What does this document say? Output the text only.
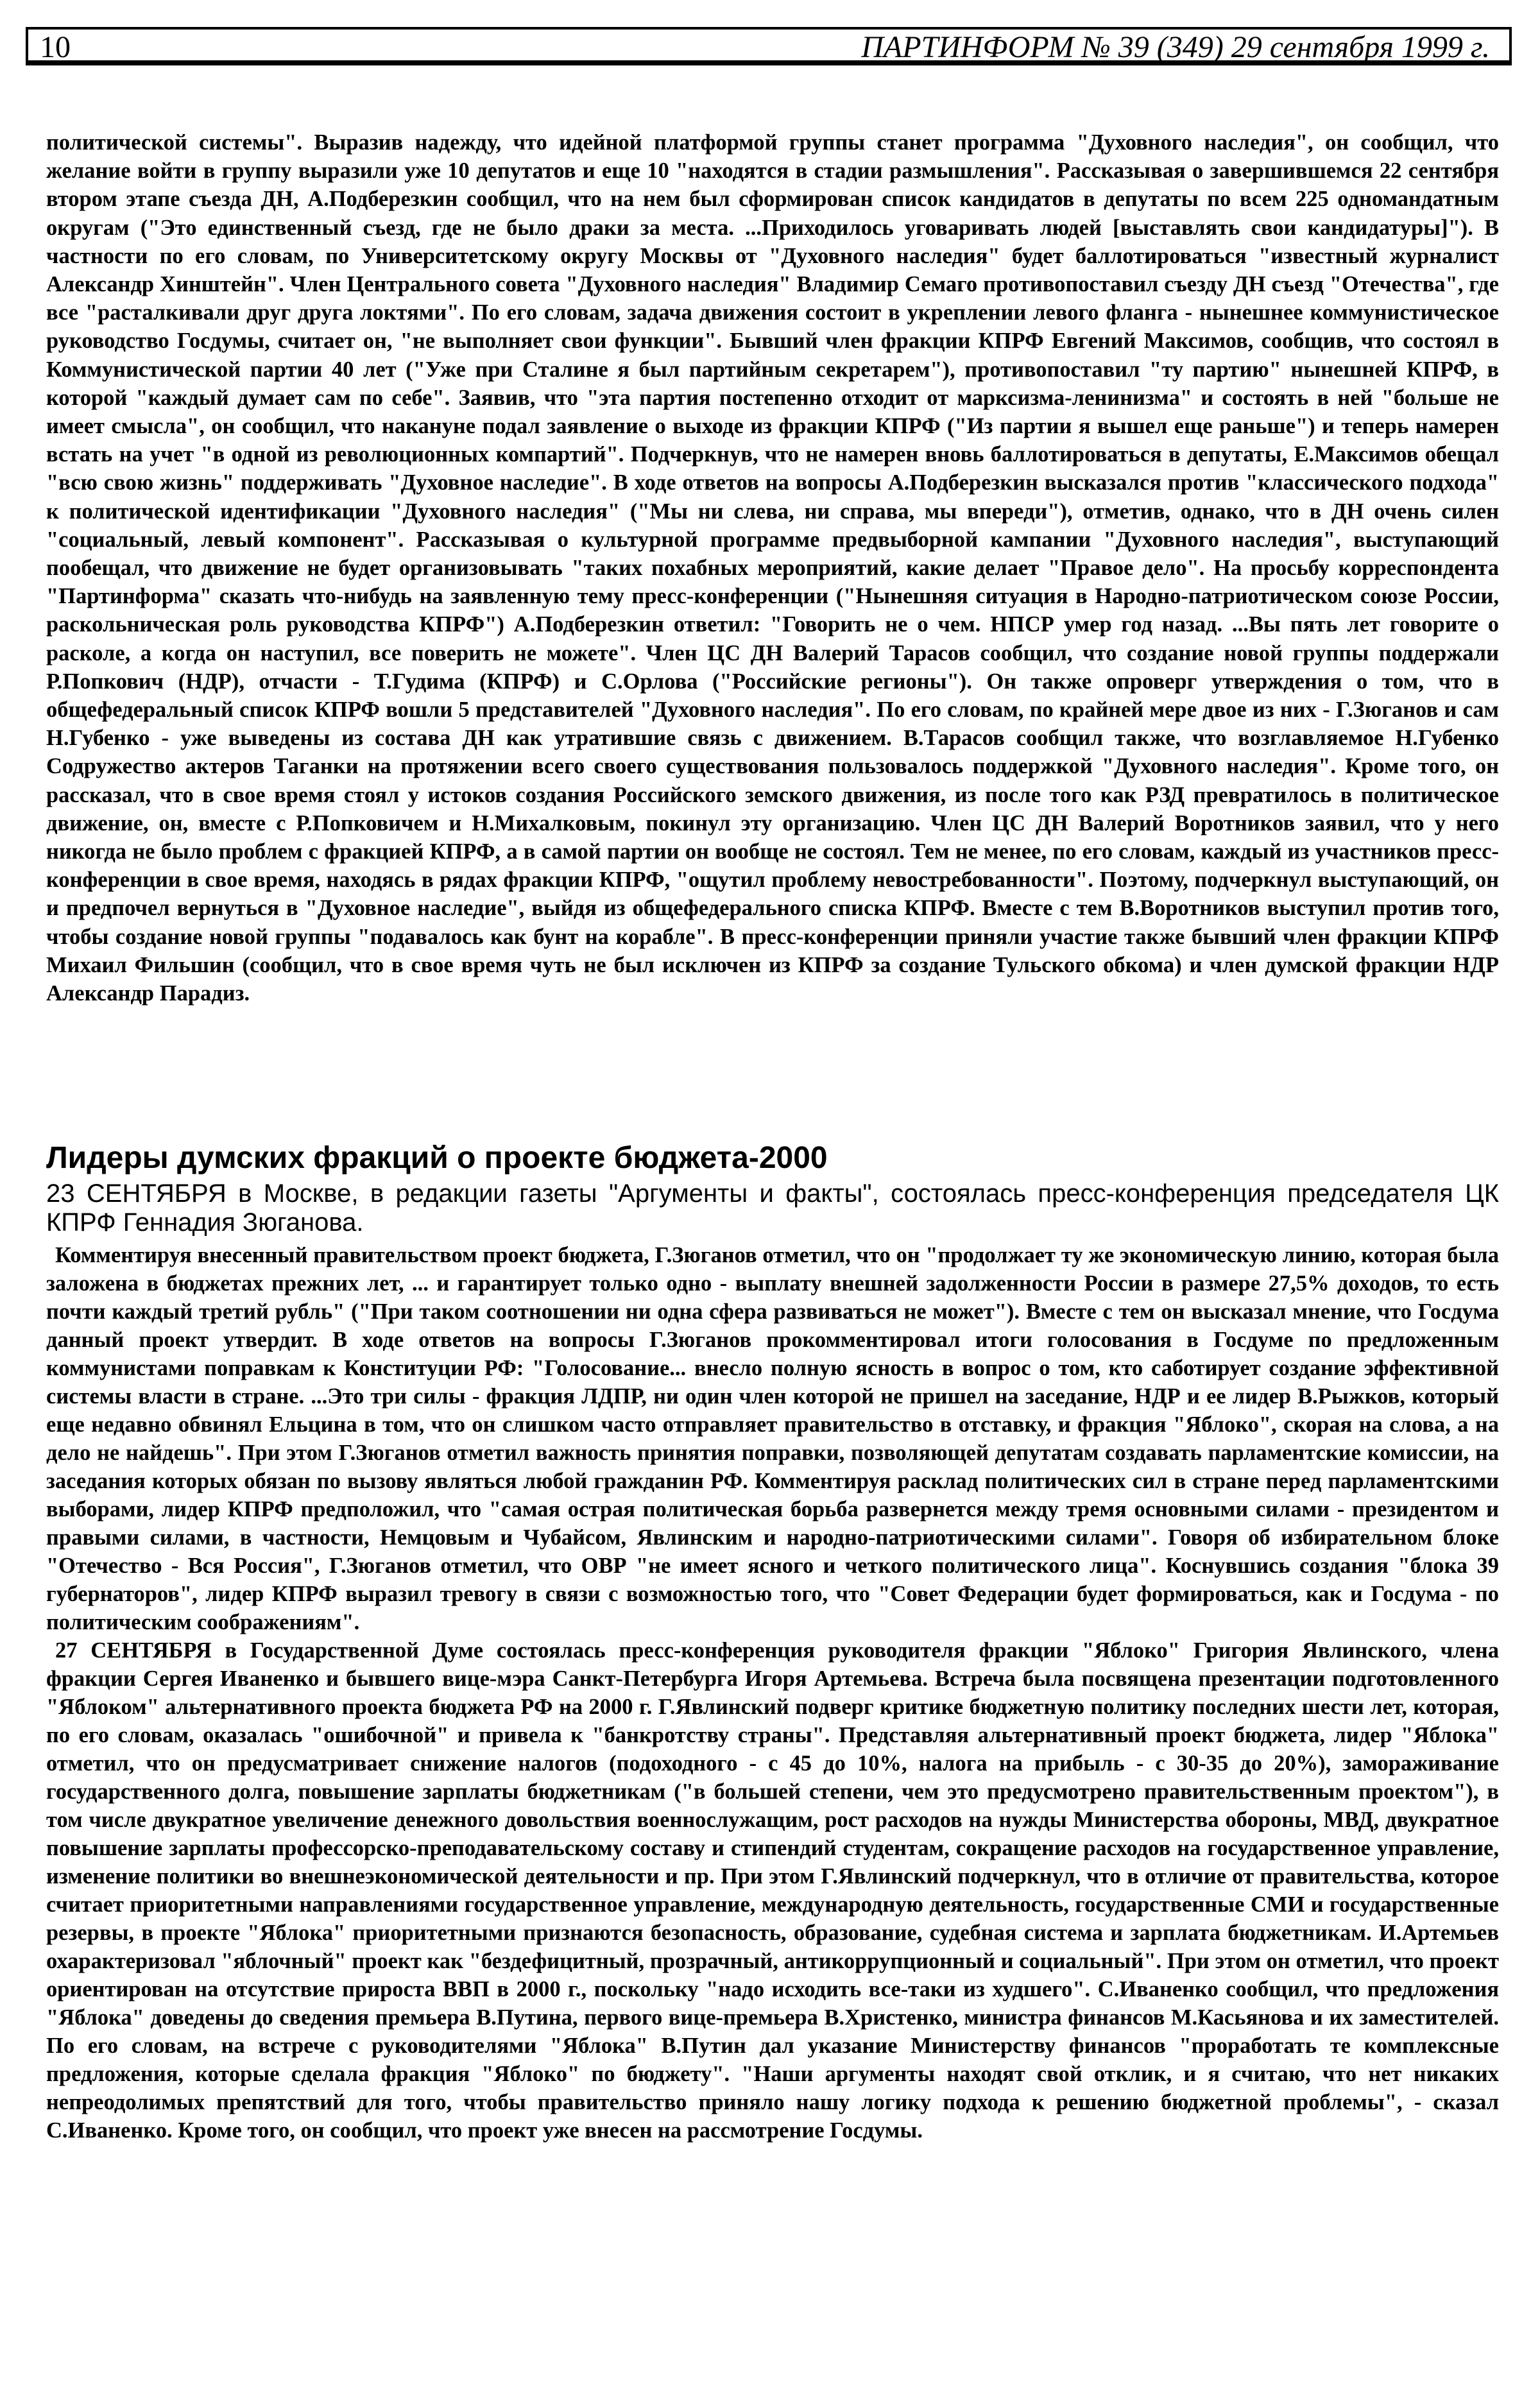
10	ПАРТИНФОРМ № 39 (349) 29 сентября 1999 г.

политической системы". Выразив надежду, что идейной платформой группы станет программа "Духовного наследия", он сообщил, что желание войти в группу выразили уже 10 депутатов и еще 10 "находятся в стадии размышления". Рассказывая о завершившемся 22 сентября втором этапе съезда ДН, А.Подберезкин сообщил, что на нем был сформирован список кандидатов в депутаты по всем 225 одномандатным округам ("Это единственный съезд, где не было драки за места. ...Приходилось уговаривать людей [выставлять свои кандидатуры]"). В частности по его словам, по Университетскому округу Москвы от "Духовного наследия" будет баллотироваться "известный журналист Александр Хинштейн". Член Центрального совета "Духовного наследия" Владимир Семаго противопоставил съезду ДН съезд "Отечества", где все "расталкивали друг друга локтями". По его словам, задача движения состоит в укреплении левого фланга - нынешнее коммунистическое руководство Госдумы, считает он, "не выполняет свои функции". Бывший член фракции КПРФ Евгений Максимов, сообщив, что состоял в Коммунистической партии 40 лет ("Уже при Сталине я был партийным секретарем"), противопоставил "ту партию" нынешней КПРФ, в которой "каждый думает сам по себе". Заявив, что "эта партия постепенно отходит от марксизма-ленинизма" и состоять в ней "больше не имеет смысла", он сообщил, что накануне подал заявление о выходе из фракции КПРФ ("Из партии я вышел еще раньше") и теперь намерен встать на учет "в одной из революционных компартий". Подчеркнув, что не намерен вновь баллотироваться в депутаты, Е.Максимов обещал "всю свою жизнь" поддерживать "Духовное наследие". В ходе ответов на вопросы А.Подберезкин высказался против "классического подхода" к политической идентификации "Духовного наследия" ("Мы ни слева, ни справа, мы впереди"), отметив, однако, что в ДН очень силен "социальный, левый компонент". Рассказывая о культурной программе предвыборной кампании "Духовного наследия", выступающий пообещал, что движение не будет организовывать "таких похабных мероприятий, какие делает "Правое дело". На просьбу корреспондента "Партинформа" сказать что-нибудь на заявленную тему пресс-конференции ("Нынешняя ситуация в Народно-патриотическом союзе России, раскольническая роль руководства КПРФ") А.Подберезкин ответил: "Говорить не о чем. НПСР умер год назад. ...Вы пять лет говорите о расколе, а когда он наступил, все поверить не можете". Член ЦС ДН Валерий Тарасов сообщил, что создание новой группы поддержали Р.Попкович (НДР), отчасти - Т.Гудима (КПРФ) и С.Орлова ("Российские регионы"). Он также опроверг утверждения о том, что в общефедеральный список КПРФ вошли 5 представителей "Духовного наследия". По его словам, по крайней мере двое из них - Г.Зюганов и сам Н.Губенко - уже выведены из состава ДН как утратившие связь с движением. В.Тарасов сообщил также, что возглавляемое Н.Губенко Содружество актеров Таганки на протяжении всего своего существования пользовалось поддержкой "Духовного наследия". Кроме того, он рассказал, что в свое время стоял у истоков создания Российского земского движения, из после того как РЗД превратилось в политическое движение, он, вместе с Р.Попковичем и Н.Михалковым, покинул эту организацию. Член ЦС ДН Валерий Воротников заявил, что у него никогда не было проблем с фракцией КПРФ, а в самой партии он вообще не состоял. Тем не менее, по его словам, каждый из участников пресс-конференции в свое время, находясь в рядах фракции КПРФ, "ощутил проблему невостребованности". Поэтому, подчеркнул выступающий, он и предпочел вернуться в "Духовное наследие", выйдя из общефедерального списка КПРФ. Вместе с тем В.Воротников выступил против того, чтобы создание новой группы "подавалось как бунт на корабле". В пресс-конференции приняли участие также бывший член фракции КПРФ Михаил Фильшин (сообщил, что в свое время чуть не был исключен из КПРФ за создание Тульского обкома) и член думской фракции НДР Александр Парадиз.

Лидеры думских фракций о проекте бюджета-2000
23 СЕНТЯБРЯ в Москве, в редакции газеты "Аргументы и факты", состоялась пресс-конференция председателя ЦК КПРФ Геннадия Зюганова.

Комментируя внесенный правительством проект бюджета, Г.Зюганов отметил, что он "продолжает ту же экономическую линию, которая была заложена в бюджетах прежних лет, ... и гарантирует только одно - выплату внешней задолженности России в размере 27,5% доходов, то есть почти каждый третий рубль" ("При таком соотношении ни одна сфера развиваться не может"). Вместе с тем он высказал мнение, что Госдума данный проект утвердит. В ходе ответов на вопросы Г.Зюганов прокомментировал итоги голосования в Госдуме по предложенным коммунистами поправкам к Конституции РФ: "Голосование... внесло полную ясность в вопрос о том, кто саботирует создание эффективной системы власти в стране. ...Это три силы - фракция ЛДПР, ни один член которой не пришел на заседание, НДР и ее лидер В.Рыжков, который еще недавно обвинял Ельцина в том, что он слишком часто отправляет правительство в отставку, и фракция "Яблоко", скорая на слова, а на дело не найдешь". При этом Г.Зюганов отметил важность принятия поправки, позволяющей депутатам создавать парламентские комиссии, на заседания которых обязан по вызову являться любой гражданин РФ. Комментируя расклад политических сил в стране перед парламентскими выборами, лидер КПРФ предположил, что "самая острая политическая борьба развернется между тремя основными силами - президентом и правыми силами, в частности, Немцовым и Чубайсом, Явлинским и народно-патриотическими силами". Говоря об избирательном блоке "Отечество - Вся Россия", Г.Зюганов отметил, что ОВР "не имеет ясного и четкого политического лица". Коснувшись создания "блока 39 губернаторов", лидер КПРФ выразил тревогу в связи с возможностью того, что "Совет Федерации будет формироваться, как и Госдума - по политическим соображениям".

27 СЕНТЯБРЯ в Государственной Думе состоялась пресс-конференция руководителя фракции "Яблоко" Григория Явлинского, члена фракции Сергея Иваненко и бывшего вице-мэра Санкт-Петербурга Игоря Артемьева. Встреча была посвящена презентации подготовленного "Яблоком" альтернативного проекта бюджета РФ на 2000 г. Г.Явлинский подверг критике бюджетную политику последних шести лет, которая, по его словам, оказалась "ошибочной" и привела к "банкротству страны". Представляя альтернативный проект бюджета, лидер "Яблока" отметил, что он предусматривает снижение налогов (подоходного - с 45 до 10%, налога на прибыль - с 30-35 до 20%), замораживание государственного долга, повышение зарплаты бюджетникам ("в большей степени, чем это предусмотрено правительственным проектом"), в том числе двукратное увеличение денежного довольствия военнослужащим, рост расходов на нужды Министерства обороны, МВД, двукратное повышение зарплаты профессорско-преподавательскому составу и стипендий студентам, сокращение расходов на государственное управление, изменение политики во внешнеэкономической деятельности и пр. При этом Г.Явлинский подчеркнул, что в отличие от правительства, которое считает приоритетными направлениями государственное управление, международную деятельность, государственные СМИ и государственные резервы, в проекте "Яблока" приоритетными признаются безопасность, образование, судебная система и зарплата бюджетникам. И.Артемьев охарактеризовал "яблочный" проект как "бездефицитный, прозрачный, антикоррупционный и социальный". При этом он отметил, что проект ориентирован на отсутствие прироста ВВП в 2000 г., поскольку "надо исходить все-таки из худшего". С.Иваненко сообщил, что предложения "Яблока" доведены до сведения премьера В.Путина, первого вице-премьера В.Христенко, министра финансов М.Касьянова и их заместителей. По его словам, на встрече с руководителями "Яблока" В.Путин дал указание Министерству финансов "проработать те комплексные предложения, которые сделала фракция "Яблоко" по бюджету". "Наши аргументы находят свой отклик, и я считаю, что нет никаких непреодолимых препятствий для того, чтобы правительство приняло нашу логику подхода к решению бюджетной проблемы", - сказал С.Иваненко. Кроме того, он сообщил, что проект уже внесен на рассмотрение Госдумы.
